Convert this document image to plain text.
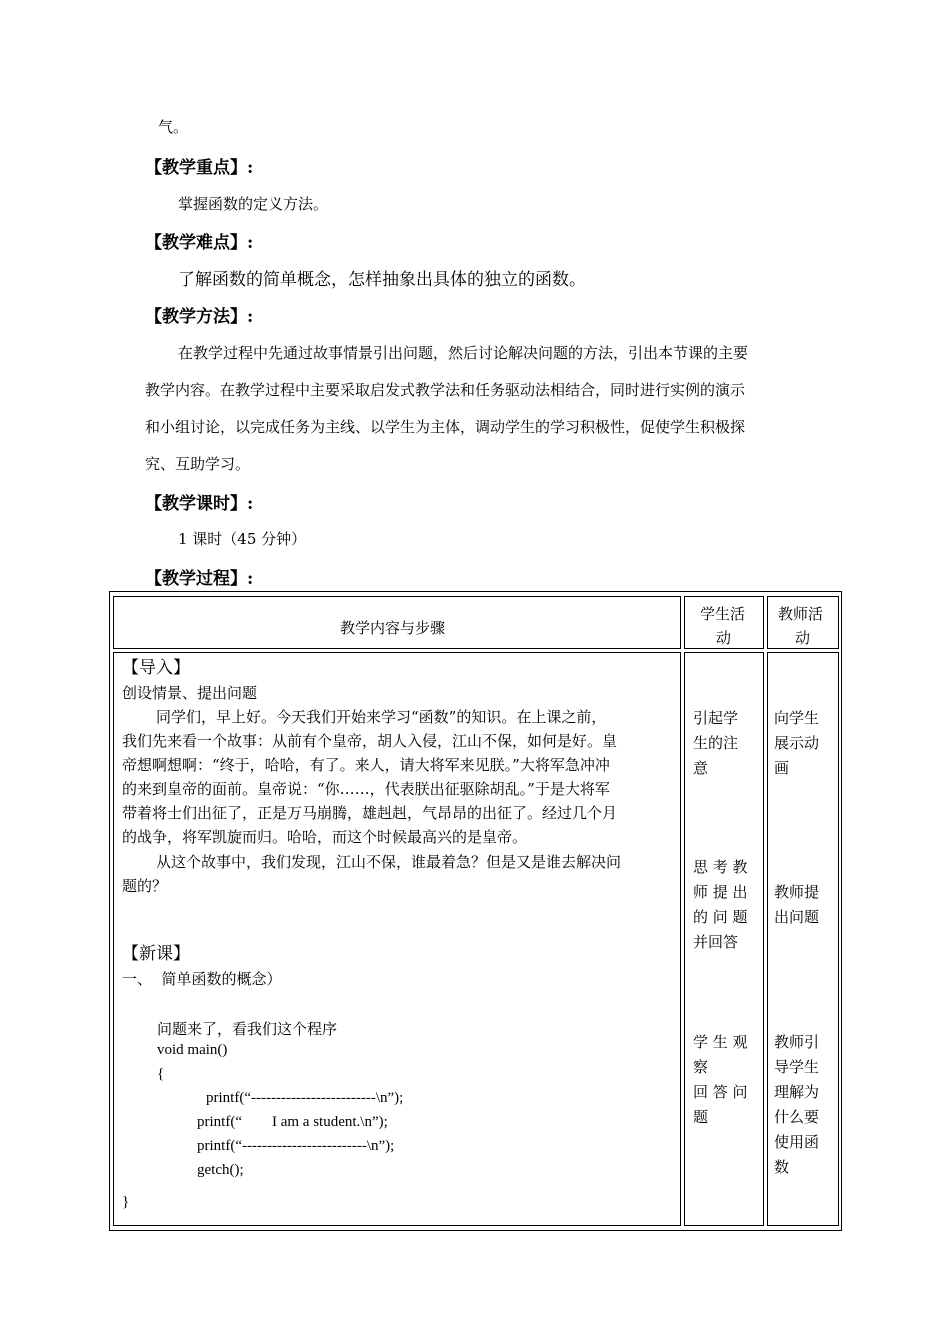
气。
【教学重点】:
掌握函数的定义方法。
【教学难点】:
了解函数的简单概念，怎样抽象出具体的独立的函数。
【教学方法】:
在教学过程中先通过故事情景引出问题，然后讨论解决问题的方法，引出本节课的主要
教学内容。在教学过程中主要采取启发式教学法和任务驱动法相结合，同时进行实例的演示
和小组讨论，以完成任务为主线、以学生为主体，调动学生的学习积极性，促使学生积极探
究、互助学习。
【教学课时】:
1 课时（45 分钟）
【教学过程】:
教学内容与步骤
学生活
动
教师活
动
【导入】
创设情景、提出问题
同学们，早上好。今天我们开始来学习“函数”的知识。在上课之前，
我们先来看一个故事：从前有个皇帝，胡人入侵，江山不保，如何是好。皇
帝想啊想啊：“终于，哈哈，有了。来人，请大将军来见朕。”大将军急冲冲
的来到皇帝的面前。皇帝说：“你……，代表朕出征驱除胡乱。”于是大将军
带着将士们出征了，正是万马崩腾，雄赳赳，气昂昂的出征了。经过几个月
的战争，将军凯旋而归。哈哈，而这个时候最高兴的是皇帝。
从这个故事中，我们发现，江山不保，谁最着急？但是又是谁去解决问
题的？
【新课】
一、  简单函数的概念）
问题来了，看我们这个程序
void main()
{
printf(“-------------------------\n”);
printf(“        I am a student.\n”);
printf(“-------------------------\n”);
getch();
}
引起学
生的注
意
思 考 教
师 提 出
的 问 题
并回答
学 生 观
察
回 答 问
题
向学生
展示动
画
教师提
出问题
教师引
导学生
理解为
什么要
使用函
数
